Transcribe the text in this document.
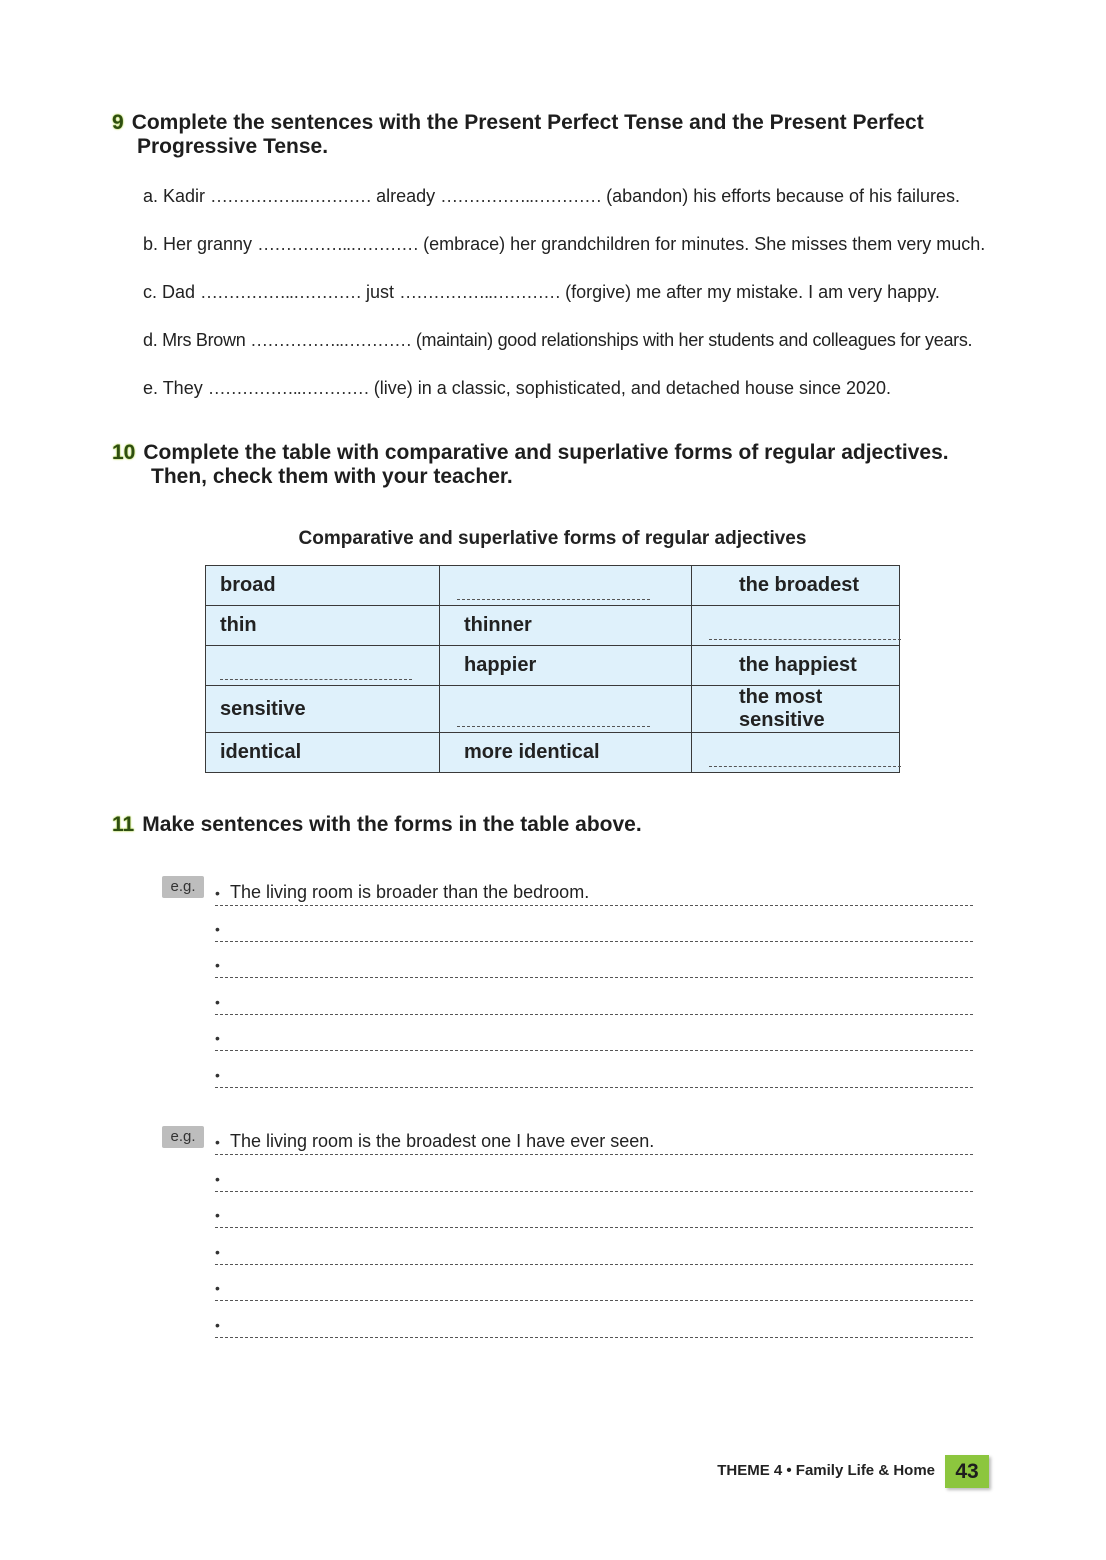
9 Complete the sentences with the Present Perfect Tense and the Present Perfect
Progressive Tense.
a. Kadir ……………..………… already ……………..………… (abandon) his efforts because of his failures.
b. Her granny ……………..………… (embrace) her grandchildren for minutes. She misses them very much.
c. Dad ……………..………… just ……………..………… (forgive) me after my mistake. I am very happy.
d. Mrs Brown ……………..………… (maintain) good relationships with her students and colleagues for years.
e. They ……………..………… (live) in a classic, sophisticated, and detached house since 2020.
10 Complete the table with comparative and superlative forms of regular adjectives.
Then, check them with your teacher.
Comparative and superlative forms of regular adjectives
broad		the broadest
thin	thinner	

	happier	the happiest
sensitive		the most sensitive
identical	more identical	
11 Make sentences with the forms in the table above.
e.g.	• The living room is broader than the bedroom.
•
•
•
•
•
e.g.	• The living room is the broadest one I have ever seen.
•
•
•
•
•
THEME 4 • Family Life & Home 43
